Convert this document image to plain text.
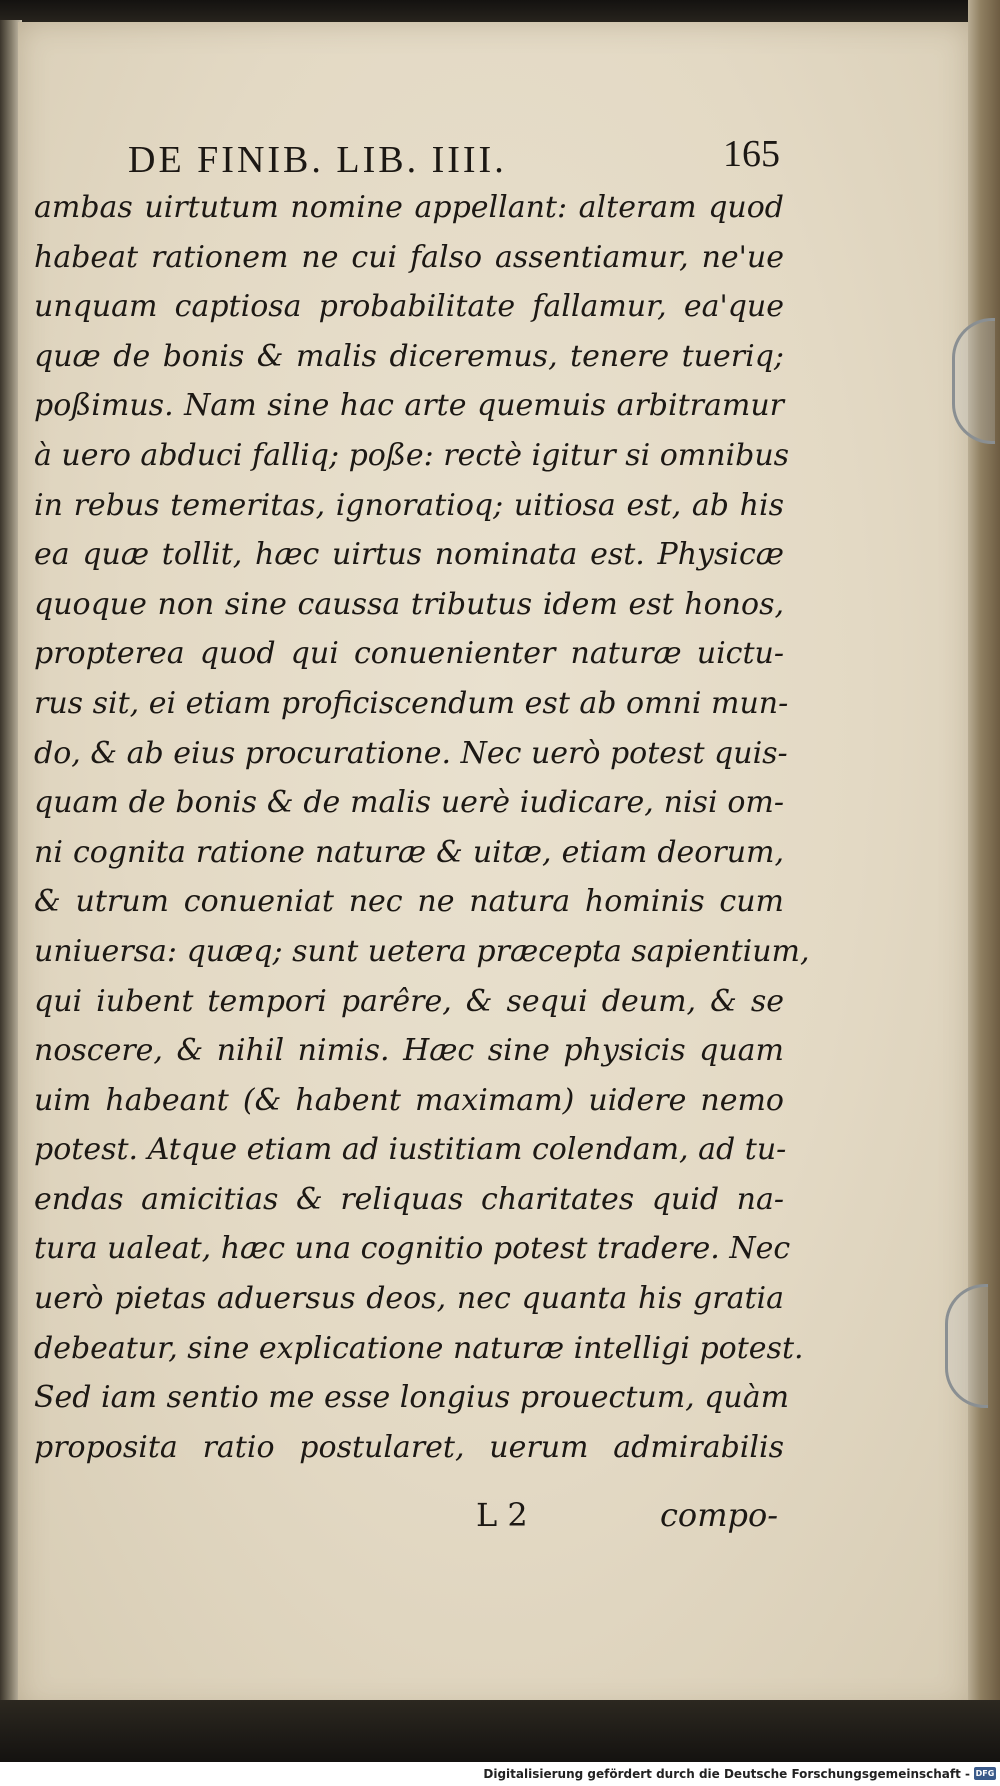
DE FINIB. LIB. IIII.	165
ambas uirtutum nomine appellant: alteram quod
habeat rationem ne cui falso assentiamur, ne'ue
unquam captiosa probabilitate fallamur, ea'que
quæ de bonis & malis diceremus, tenere tueriq;
poßimus. Nam sine hac arte quemuis arbitramur
à uero abduci falliq; poße: rectè igitur si omnibus
in rebus temeritas, ignoratioq; uitiosa est, ab his
ea quæ tollit, hæc uirtus nominata est. Physicæ
quoque non sine caussa tributus idem est honos,
propterea quod qui conuenienter naturæ uictu-
rus sit, ei etiam proficiscendum est ab omni mun-
do, & ab eius procuratione. Nec uerò potest quis-
quam de bonis & de malis uerè iudicare, nisi om-
ni cognita ratione naturæ & uitæ, etiam deorum,
& utrum conueniat nec ne natura hominis cum
uniuersa: quæq; sunt uetera præcepta sapientium,
qui iubent tempori parêre, & sequi deum, & se
noscere, & nihil nimis. Hæc sine physicis quam
uim habeant (& habent maximam) uidere nemo
potest. Atque etiam ad iustitiam colendam, ad tu-
endas amicitias & reliquas charitates quid na-
tura ualeat, hæc una cognitio potest tradere. Nec
uerò pietas aduersus deos, nec quanta his gratia
debeatur, sine explicatione naturæ intelligi potest.
Sed iam sentio me esse longius prouectum, quàm
proposita ratio postularet, uerum admirabilis
L 2	compo-
Digitalisierung gefördert durch die Deutsche Forschungsgemeinschaft - DFG
